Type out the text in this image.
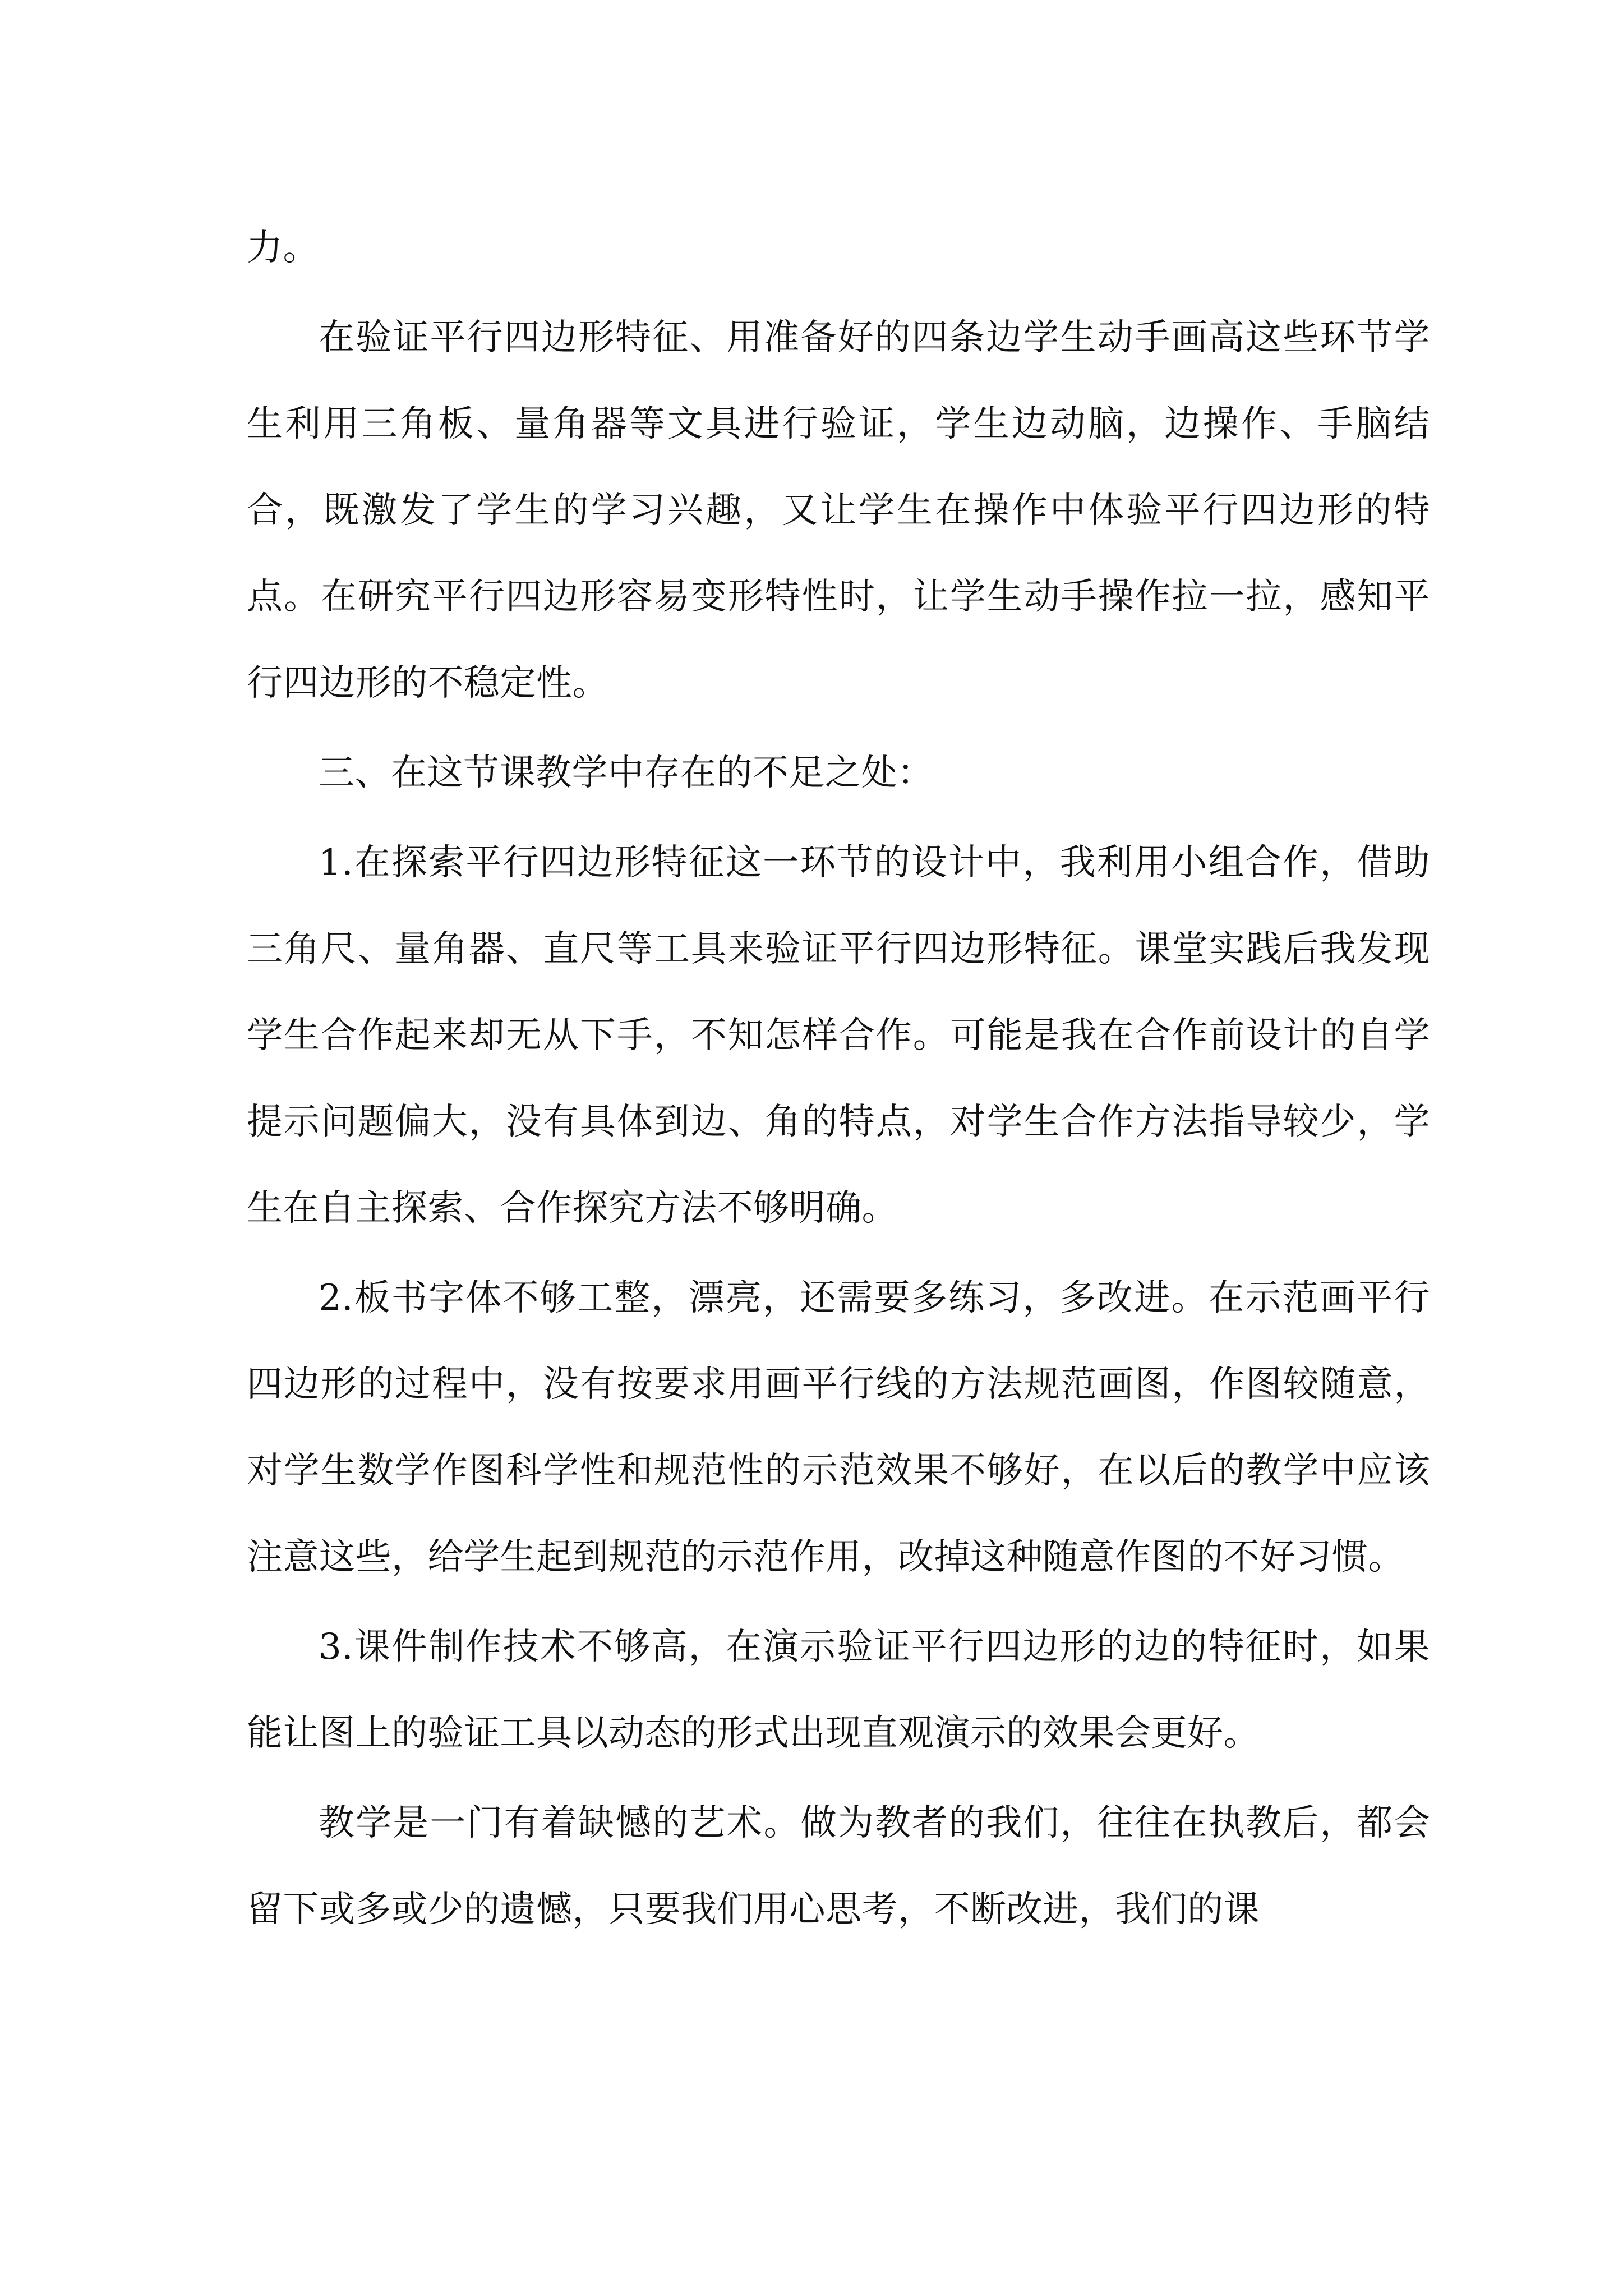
力。

在验证平行四边形特征、用准备好的四条边学生动手画高这些环节学生利用三角板、量角器等文具进行验证，学生边动脑，边操作、手脑结合，既激发了学生的学习兴趣，又让学生在操作中体验平行四边形的特点。在研究平行四边形容易变形特性时，让学生动手操作拉一拉，感知平行四边形的不稳定性。

三、在这节课教学中存在的不足之处：

1.在探索平行四边形特征这一环节的设计中，我利用小组合作，借助三角尺、量角器、直尺等工具来验证平行四边形特征。课堂实践后我发现学生合作起来却无从下手，不知怎样合作。可能是我在合作前设计的自学提示问题偏大，没有具体到边、角的特点，对学生合作方法指导较少，学生在自主探索、合作探究方法不够明确。

2.板书字体不够工整，漂亮，还需要多练习，多改进。在示范画平行四边形的过程中，没有按要求用画平行线的方法规范画图，作图较随意，对学生数学作图科学性和规范性的示范效果不够好，在以后的教学中应该注意这些，给学生起到规范的示范作用，改掉这种随意作图的不好习惯。

3.课件制作技术不够高，在演示验证平行四边形的边的特征时，如果能让图上的验证工具以动态的形式出现直观演示的效果会更好。

教学是一门有着缺憾的艺术。做为教者的我们，往往在执教后，都会留下或多或少的遗憾，只要我们用心思考，不断改进，我们的课
